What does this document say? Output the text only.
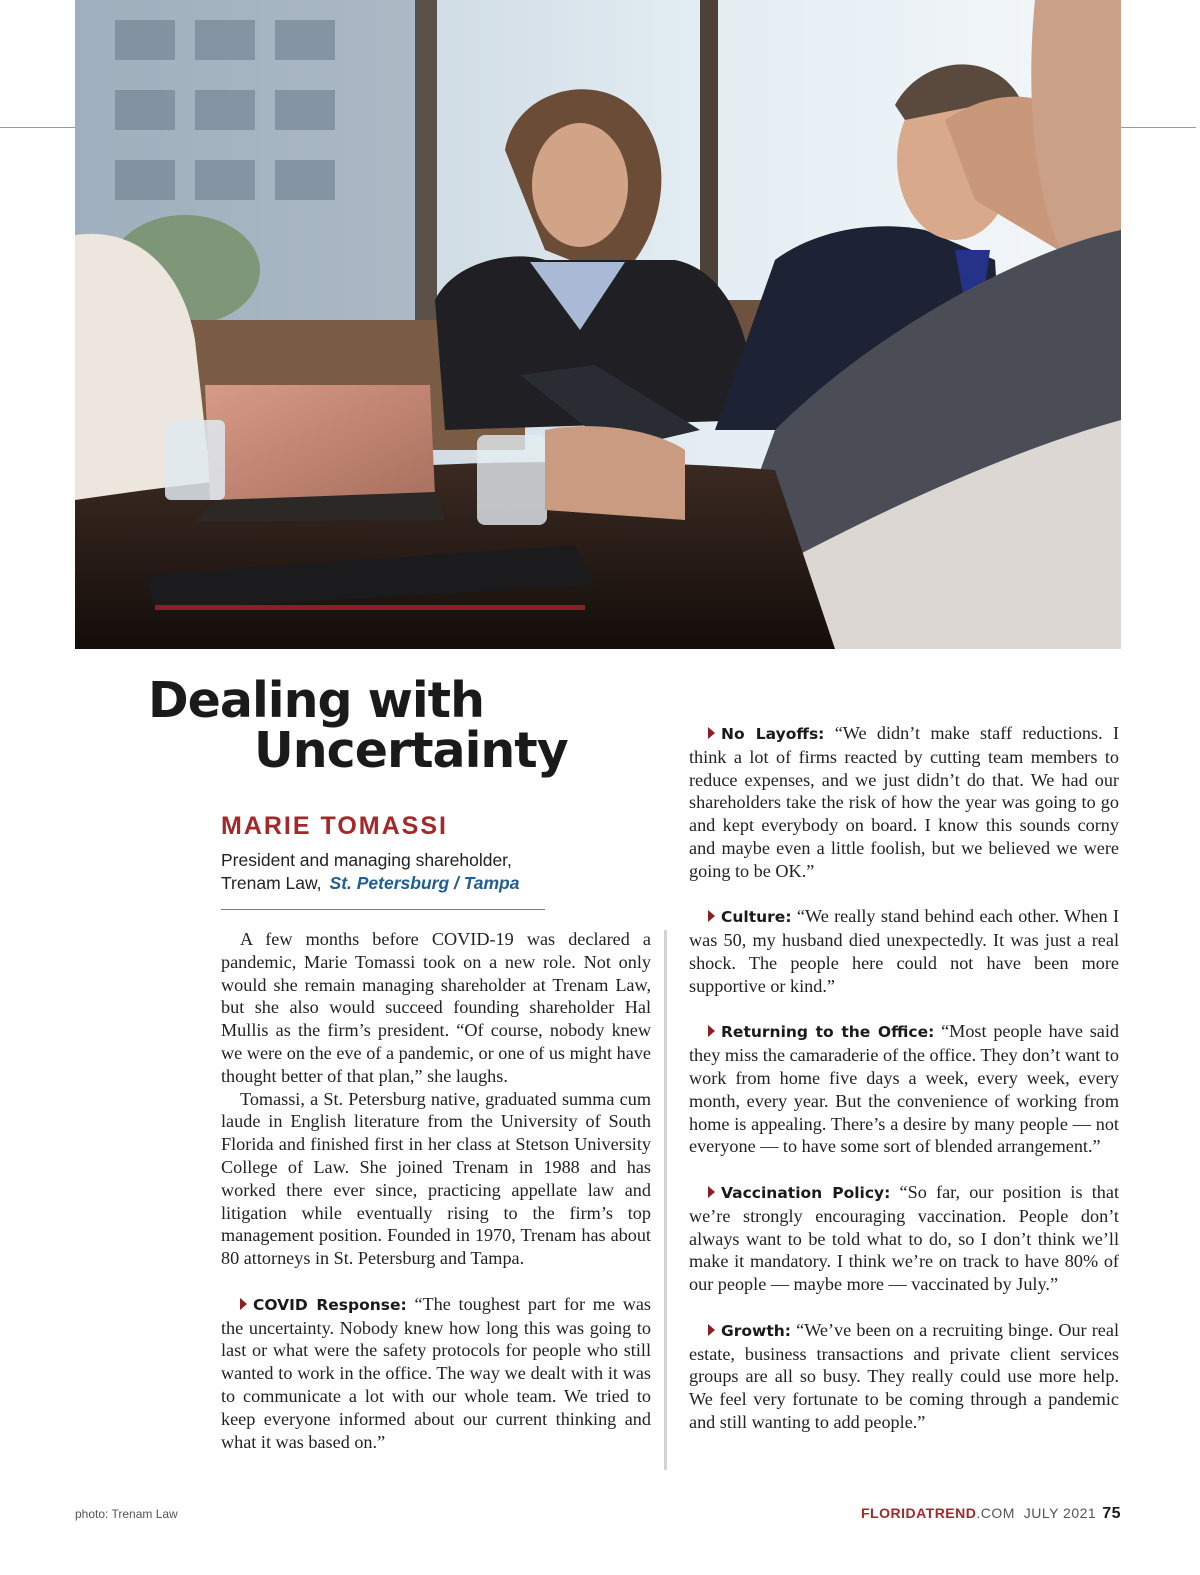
Dealing with
Uncertainty
MARIE TOMASSI
President and managing shareholder,
Trenam Law, St. Petersburg / Tampa

A few months before COVID-19 was declared a pandemic, Marie Tomassi took on a new role. Not only would she remain managing shareholder at Trenam Law, but she also would succeed founding shareholder Hal Mullis as the firm’s president. “Of course, nobody knew we were on the eve of a pandemic, or one of us might have thought better of that plan,” she laughs.

Tomassi, a St. Petersburg native, graduated summa cum laude in English literature from the University of South Florida and finished first in her class at Stetson University College of Law. She joined Trenam in 1988 and has worked there ever since, practicing appellate law and litigation while eventually rising to the firm’s top management position. Founded in 1970, Trenam has about 80 attorneys in St. Petersburg and Tampa.

COVID Response: “The toughest part for me was the uncertainty. Nobody knew how long this was going to last or what were the safety protocols for people who still wanted to work in the office. The way we dealt with it was to communicate a lot with our whole team. We tried to keep everyone informed about our current thinking and what it was based on.”

No Layoffs: “We didn’t make staff reductions. I think a lot of firms reacted by cutting team members to reduce expenses, and we just didn’t do that. We had our shareholders take the risk of how the year was going to go and kept everybody on board. I know this sounds corny and maybe even a little foolish, but we believed we were going to be OK.”

Culture: “We really stand behind each other. When I was 50, my husband died unexpectedly. It was just a real shock. The people here could not have been more supportive or kind.”

Returning to the Office: “Most people have said they miss the camaraderie of the office. They don’t want to work from home five days a week, every week, every month, every year. But the convenience of working from home is appealing. There’s a desire by many people — not everyone — to have some sort of blended arrangement.”

Vaccination Policy: “So far, our position is that we’re strongly encouraging vaccination. People don’t always want to be told what to do, so I don’t think we’ll make it mandatory. I think we’re on track to have 80% of our people — maybe more — vaccinated by July.”

Growth: “We’ve been on a recruiting binge. Our real estate, business transactions and private client services groups are all so busy. They really could use more help. We feel very fortunate to be coming through a pandemic and still wanting to add people.”

photo: Trenam Law	FLORIDATREND.COM JULY 2021 75
